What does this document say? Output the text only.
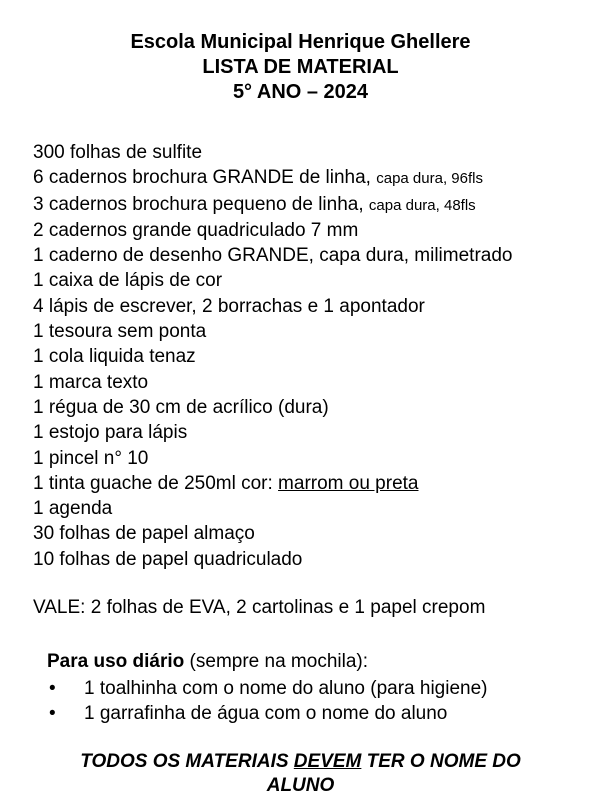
Escola Municipal Henrique Ghellere
LISTA DE MATERIAL
5° ANO – 2024
300 folhas de sulfite
6 cadernos brochura GRANDE de linha, capa dura, 96fls
3 cadernos brochura pequeno de linha, capa dura, 48fls
2 cadernos grande quadriculado 7 mm
1 caderno de desenho GRANDE, capa dura, milimetrado
1 caixa de lápis de cor
4 lápis de escrever, 2 borrachas e 1 apontador
1 tesoura sem ponta
1 cola liquida tenaz
1 marca texto
1 régua de 30 cm de acrílico (dura)
1 estojo para lápis
1 pincel n° 10
1 tinta guache de 250ml cor: marrom ou preta
1 agenda
30 folhas de papel almaço
10 folhas de papel quadriculado
VALE: 2 folhas de EVA, 2 cartolinas e 1 papel crepom
Para uso diário (sempre na mochila):
• 1 toalhinha com o nome do aluno (para higiene)
• 1 garrafinha de água com o nome do aluno
TODOS OS MATERIAIS DEVEM TER O NOME DO
ALUNO
